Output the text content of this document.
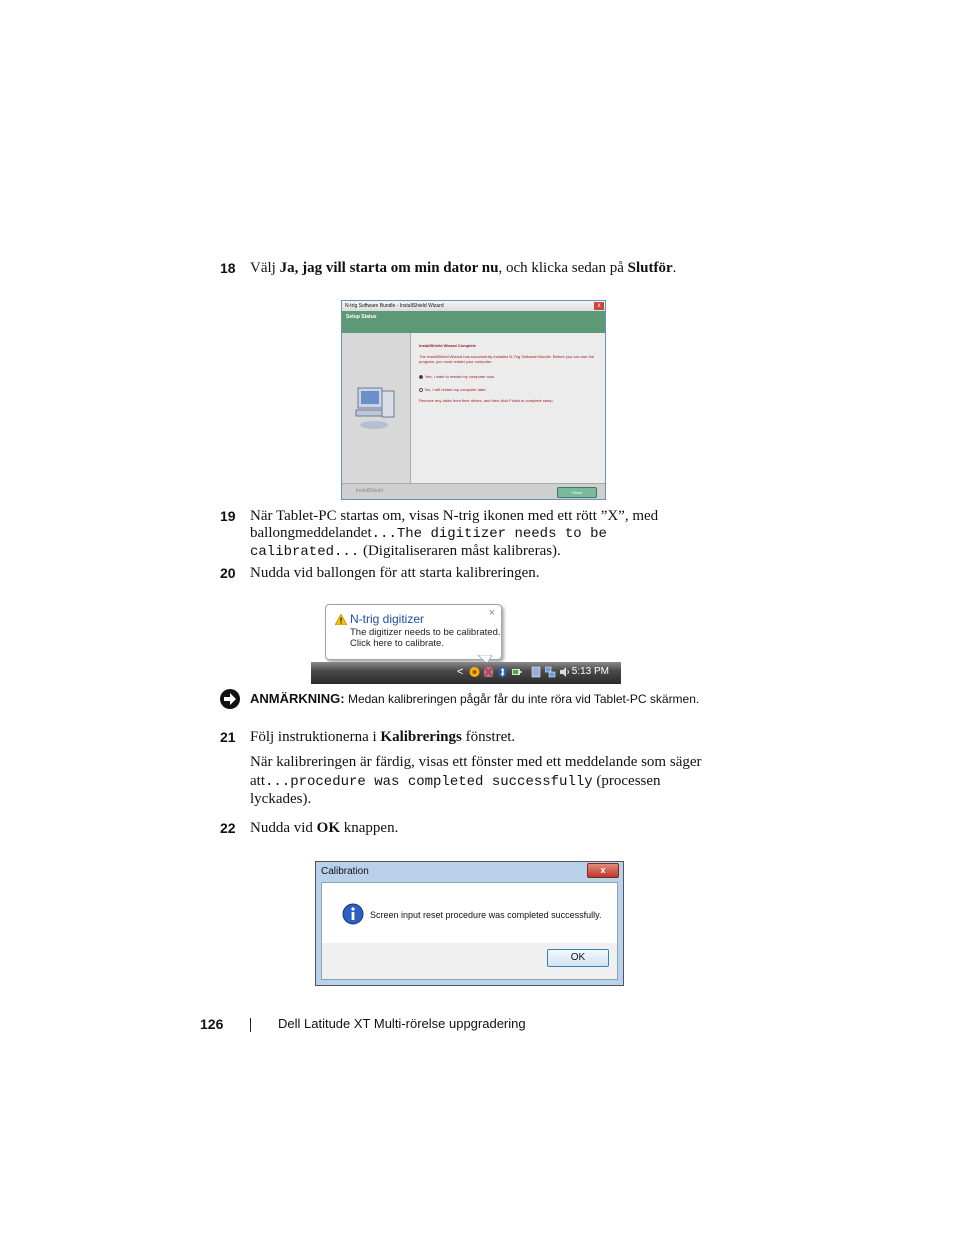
18 Välj Ja, jag vill starta om min dator nu, och klicka sedan på Slutför.
N-trig Software Bundle - InstallShield Wizard	x
Setup Status
InstallShield Wizard Complete
The InstallShield Wizard has successfully installed N-Trig Software Bundle. Before you can use the program, you must restart your computer.
Yes, I want to restart my computer now.
No, I will restart my computer later.
Remove any disks from their drives, and then click Finish to complete setup.
InstallShield	Finish
19 När Tablet-PC startas om, visas N-trig ikonen med ett rött ”X”, med
ballongmeddelandet...The digitizer needs to be
calibrated... (Digitaliseraren måst kalibreras).
20 Nudda vid ballongen för att starta kalibreringen.
N-trig digitizer
The digitizer needs to be calibrated.
Click here to calibrate.
×
<	5:13 PM
ANMÄRKNING: Medan kalibreringen pågår får du inte röra vid Tablet-PC skärmen.
21 Följ instruktionerna i Kalibrerings fönstret.
När kalibreringen är färdig, visas ett fönster med ett meddelande som säger
att...procedure was completed successfully (processen
lyckades).
22 Nudda vid OK knappen.
Calibration	x
Screen input reset procedure was completed successfully.
OK
126	Dell Latitude XT Multi-rörelse uppgradering
